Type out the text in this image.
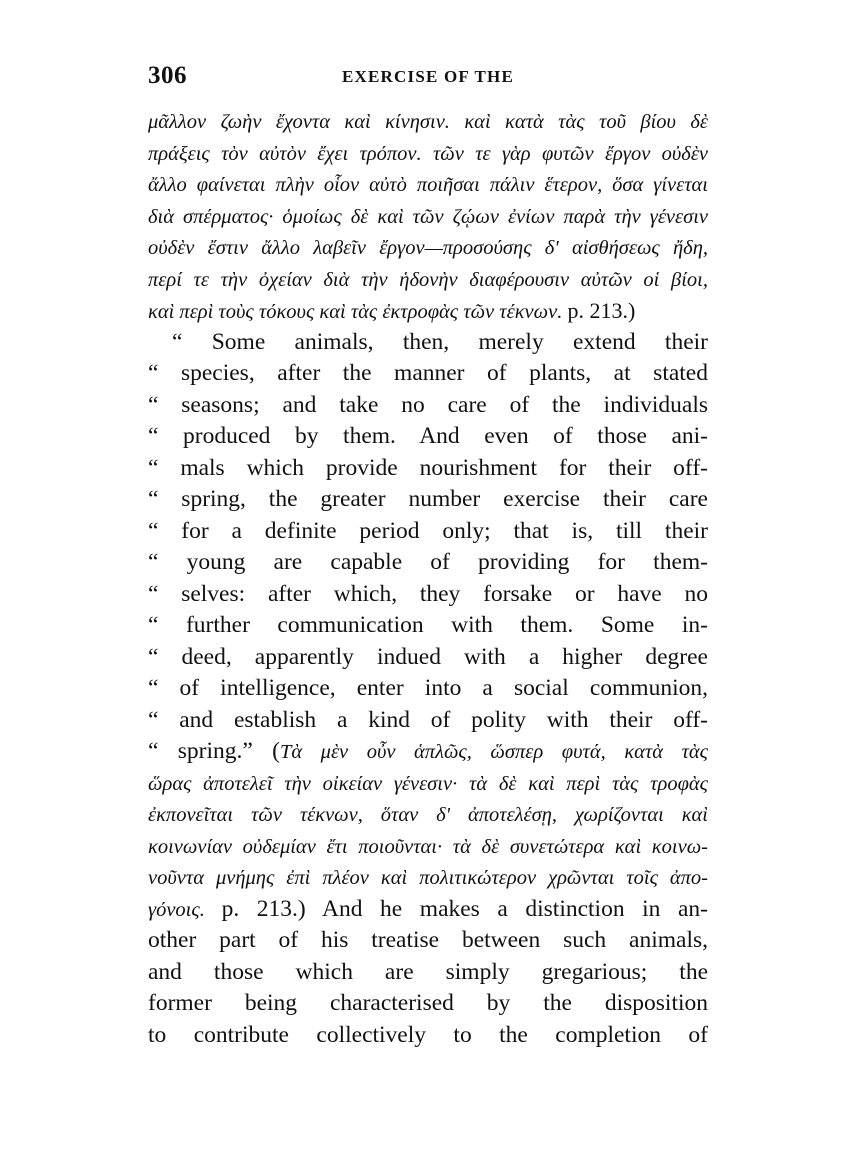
306	EXERCISE OF THE
μᾶλλον ζωὴν ἔχοντα καὶ κίνησιν. καὶ κατὰ τὰς τοῦ βίου δὲ
πράξεις τὸν αὐτὸν ἔχει τρόπον. τῶν τε γὰρ φυτῶν ἔργον οὐδὲν
ἄλλο φαίνεται πλὴν οἷον αὐτὸ ποιῆσαι πάλιν ἕτερον, ὅσα γίνεται
διὰ σπέρματος· ὁμοίως δὲ καὶ τῶν ζῴων ἐνίων παρὰ τὴν γένεσιν
οὐδὲν ἔστιν ἄλλο λαβεῖν ἔργον—προσούσης δ' αἰσθήσεως ἤδη,
περί τε τὴν ὀχείαν διὰ τὴν ἡδονὴν διαφέρουσιν αὐτῶν οἱ βίοι,
καὶ περὶ τοὺς τόκους καὶ τὰς ἐκτροφὰς τῶν τέκνων. p. 213.)
“ Some animals, then, merely extend their
“ species, after the manner of plants, at stated
“ seasons; and take no care of the individuals
“ produced by them. And even of those ani-
“ mals which provide nourishment for their off-
“ spring, the greater number exercise their care
“ for a definite period only; that is, till their
“ young are capable of providing for them-
“ selves: after which, they forsake or have no
“ further communication with them. Some in-
“ deed, apparently indued with a higher degree
“ of intelligence, enter into a social communion,
“ and establish a kind of polity with their off-
“ spring.” (Τὰ μὲν οὖν ἁπλῶς, ὥσπερ φυτά, κατὰ τὰς
ὥρας ἀποτελεῖ τὴν οἰκείαν γένεσιν· τὰ δὲ καὶ περὶ τὰς τροφὰς
ἐκπονεῖται τῶν τέκνων, ὅταν δ' ἀποτελέσῃ, χωρίζονται καὶ
κοινωνίαν οὐδεμίαν ἔτι ποιοῦνται· τὰ δὲ συνετώτερα καὶ κοινω-
νοῦντα μνήμης ἐπὶ πλέον καὶ πολιτικώτερον χρῶνται τοῖς ἀπο-
γόνοις. p. 213.) And he makes a distinction in an-
other part of his treatise between such animals,
and those which are simply gregarious; the
former being characterised by the disposition
to contribute collectively to the completion of
